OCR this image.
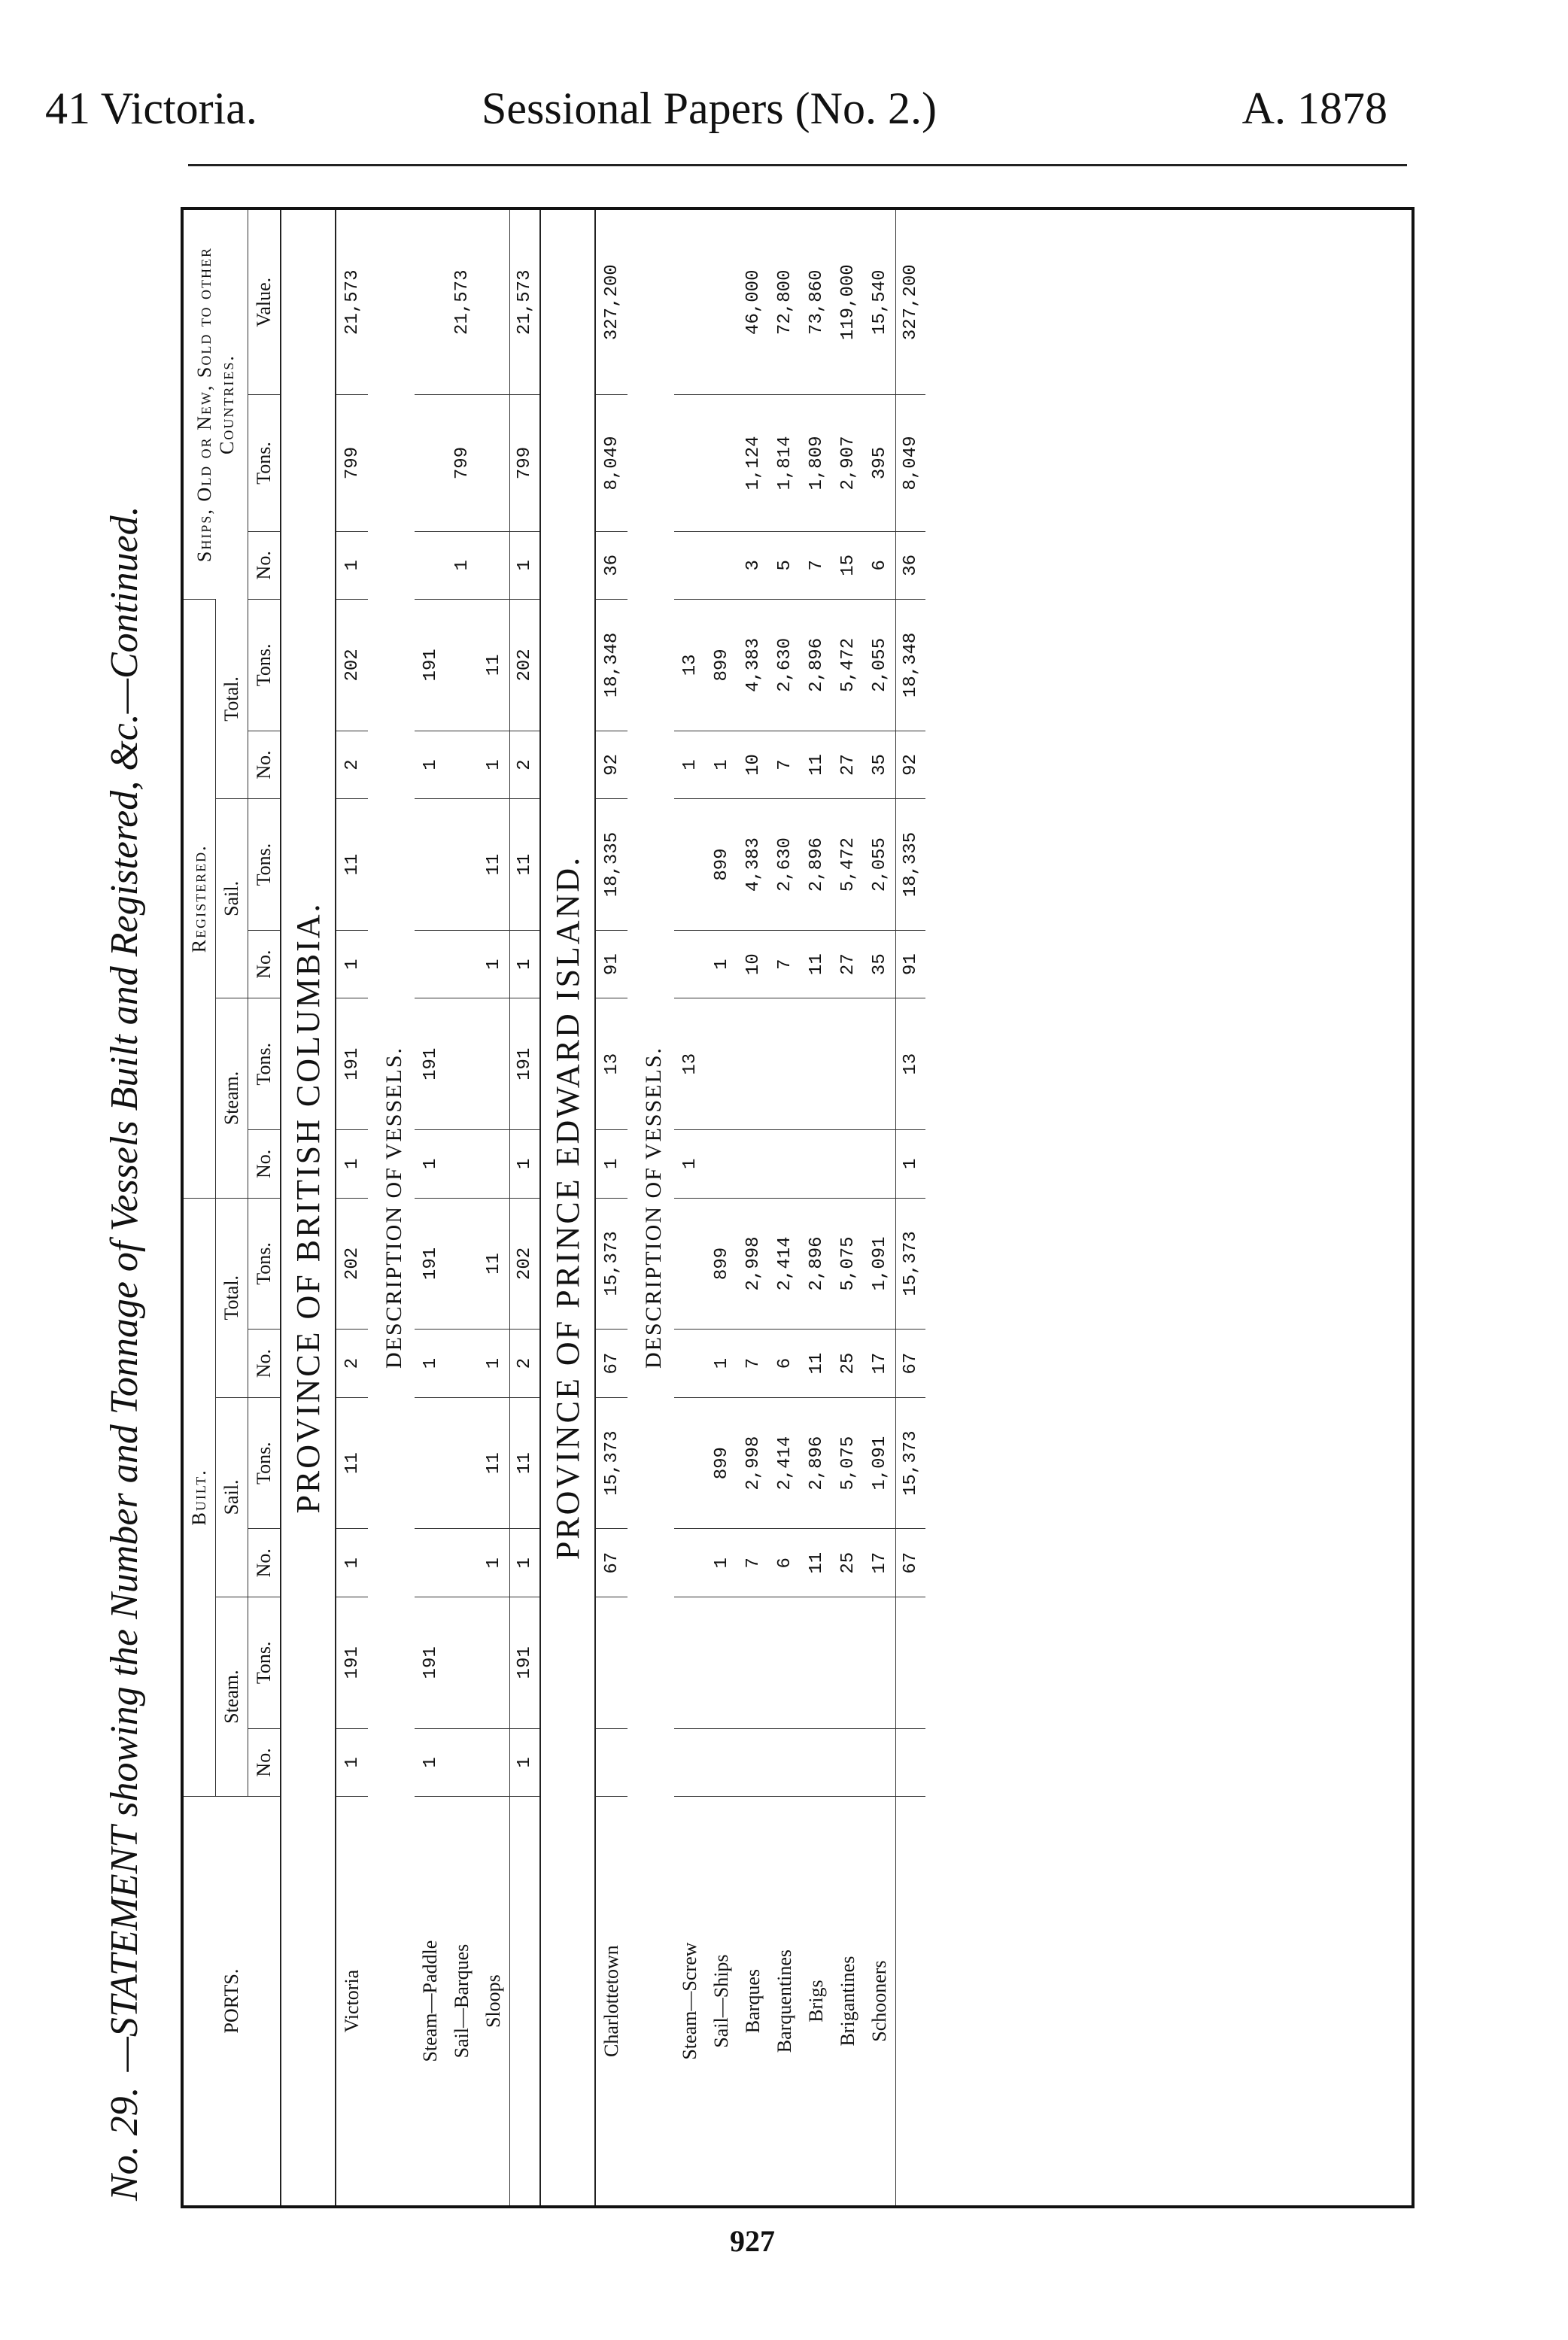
41 Victoria.	Sessional Papers (No. 2.)	A. 1878
No. 29.
—STATEMENT showing the Number and Tonnage of Vessels Built and Registered, &c.—Continued.	PORTS.	Built.						Registered.						Ships, Old or New, Sold to other Countries.		
	Steam.		Sail.		Total.		Steam.		Sail.		Total.				
	No.	Tons.	No.	Tons.	No.	Tons.	No.	Tons.	No.	Tons.	No.	Tons.	No.	Tons.	Value.
PROVINCE OF BRITISH COLUMBIA.															
Victoria	1	191	1	11	2	202	1	191	1	11	2	202	1	799	21,573

DESCRIPTION OF VESSELS.															
Steam—Paddle	1	191			1	191	1	191			1	191			
Sail—Barques													1	799	21,573
Sloops			1	11	1	11			1	11	1	11			
	1	191	1	11	2	202	1	191	1	11	2	202	1	799	21,573
PROVINCE OF PRINCE EDWARD ISLAND.															
Charlottetown			67	15,373	67	15,373	1	13	91	18,335	92	18,348	36	8,049	327,200

DESCRIPTION OF VESSELS.															
Steam—Screw							1	13			1	13			
Sail—Ships			1	899	1	899			1	899	1	899			
Barques			7	2,998	7	2,998			10	4,383	10	4,383	3	1,124	46,000
Barquentines			6	2,414	6	2,414			7	2,630	7	2,630	5	1,814	72,800
Brigs			11	2,896	11	2,896			11	2,896	11	2,896	7	1,809	73,860
Brigantines			25	5,075	25	5,075			27	5,472	27	5,472	15	2,907	119,000
Schooners			17	1,091	17	1,091			35	2,055	35	2,055	6	395	15,540
			67	15,373	67	15,373	1	13	91	18,335	92	18,348	36	8,049	327,200
927
